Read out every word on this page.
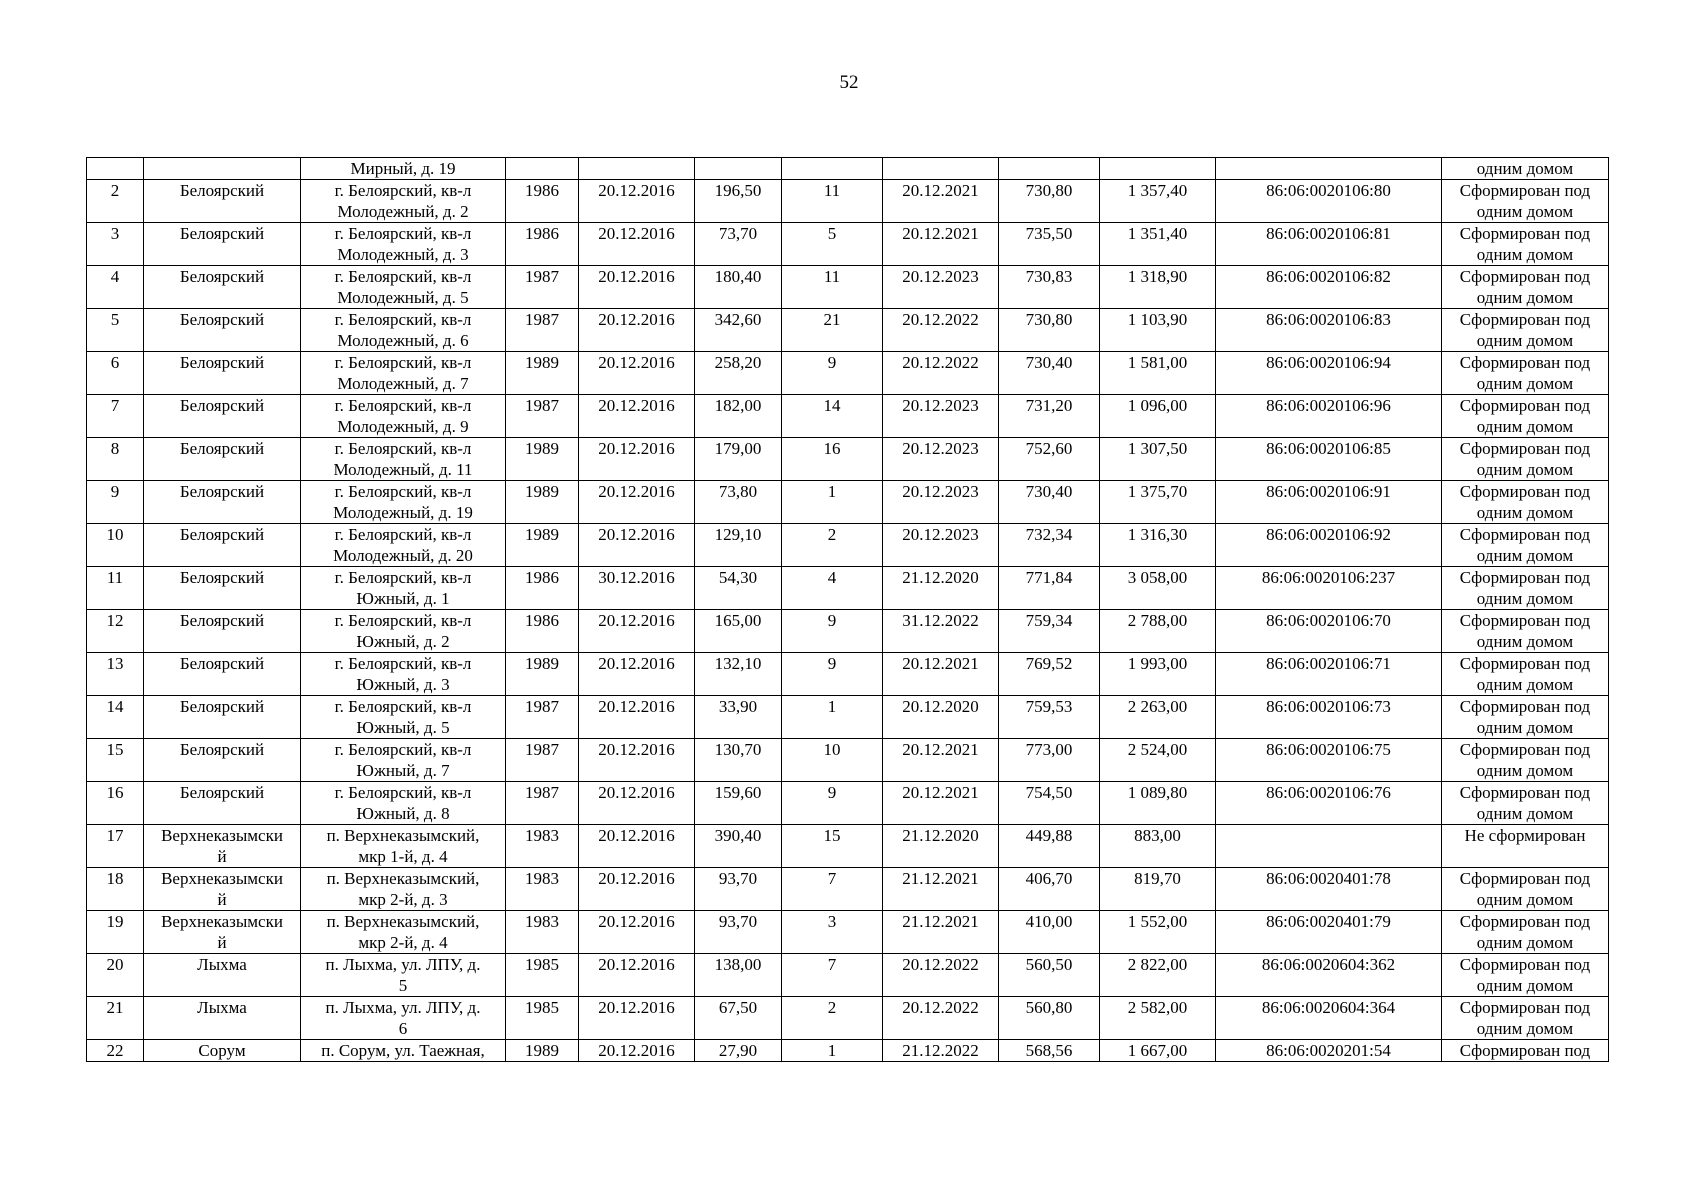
52

		Мирный, д. 19									одним домом

2	Белоярский	г. Белоярский, кв-л
Молодежный, д. 2	1986	20.12.2016	196,50	11	20.12.2021	730,80	1 357,40	86:06:0020106:80	Сформирован под
одним домом

3	Белоярский	г. Белоярский, кв-л
Молодежный, д. 3	1986	20.12.2016	73,70	5	20.12.2021	735,50	1 351,40	86:06:0020106:81	Сформирован под
одним домом

4	Белоярский	г. Белоярский, кв-л
Молодежный, д. 5	1987	20.12.2016	180,40	11	20.12.2023	730,83	1 318,90	86:06:0020106:82	Сформирован под
одним домом

5	Белоярский	г. Белоярский, кв-л
Молодежный, д. 6	1987	20.12.2016	342,60	21	20.12.2022	730,80	1 103,90	86:06:0020106:83	Сформирован под
одним домом

6	Белоярский	г. Белоярский, кв-л
Молодежный, д. 7	1989	20.12.2016	258,20	9	20.12.2022	730,40	1 581,00	86:06:0020106:94	Сформирован под
одним домом

7	Белоярский	г. Белоярский, кв-л
Молодежный, д. 9	1987	20.12.2016	182,00	14	20.12.2023	731,20	1 096,00	86:06:0020106:96	Сформирован под
одним домом

8	Белоярский	г. Белоярский, кв-л
Молодежный, д. 11	1989	20.12.2016	179,00	16	20.12.2023	752,60	1 307,50	86:06:0020106:85	Сформирован под
одним домом

9	Белоярский	г. Белоярский, кв-л
Молодежный, д. 19	1989	20.12.2016	73,80	1	20.12.2023	730,40	1 375,70	86:06:0020106:91	Сформирован под
одним домом

10	Белоярский	г. Белоярский, кв-л
Молодежный, д. 20	1989	20.12.2016	129,10	2	20.12.2023	732,34	1 316,30	86:06:0020106:92	Сформирован под
одним домом

11	Белоярский	г. Белоярский, кв-л
Южный, д. 1	1986	30.12.2016	54,30	4	21.12.2020	771,84	3 058,00	86:06:0020106:237	Сформирован под
одним домом

12	Белоярский	г. Белоярский, кв-л
Южный, д. 2	1986	20.12.2016	165,00	9	31.12.2022	759,34	2 788,00	86:06:0020106:70	Сформирован под
одним домом

13	Белоярский	г. Белоярский, кв-л
Южный, д. 3	1989	20.12.2016	132,10	9	20.12.2021	769,52	1 993,00	86:06:0020106:71	Сформирован под
одним домом

14	Белоярский	г. Белоярский, кв-л
Южный, д. 5	1987	20.12.2016	33,90	1	20.12.2020	759,53	2 263,00	86:06:0020106:73	Сформирован под
одним домом

15	Белоярский	г. Белоярский, кв-л
Южный, д. 7	1987	20.12.2016	130,70	10	20.12.2021	773,00	2 524,00	86:06:0020106:75	Сформирован под
одним домом

16	Белоярский	г. Белоярский, кв-л
Южный, д. 8	1987	20.12.2016	159,60	9	20.12.2021	754,50	1 089,80	86:06:0020106:76	Сформирован под
одним домом

17	Верхнеказымски
й	п. Верхнеказымский,
мкр 1-й, д. 4	1983	20.12.2016	390,40	15	21.12.2020	449,88	883,00		Не сформирован

18	Верхнеказымски
й	п. Верхнеказымский,
мкр 2-й, д. 3	1983	20.12.2016	93,70	7	21.12.2021	406,70	819,70	86:06:0020401:78	Сформирован под
одним домом

19	Верхнеказымски
й	п. Верхнеказымский,
мкр 2-й, д. 4	1983	20.12.2016	93,70	3	21.12.2021	410,00	1 552,00	86:06:0020401:79	Сформирован под
одним домом

20	Лыхма	п. Лыхма, ул. ЛПУ, д.
5	1985	20.12.2016	138,00	7	20.12.2022	560,50	2 822,00	86:06:0020604:362	Сформирован под
одним домом

21	Лыхма	п. Лыхма, ул. ЛПУ, д.
6	1985	20.12.2016	67,50	2	20.12.2022	560,80	2 582,00	86:06:0020604:364	Сформирован под
одним домом

22	Сорум	п. Сорум, ул. Таежная,	1989	20.12.2016	27,90	1	21.12.2022	568,56	1 667,00	86:06:0020201:54	Сформирован под
